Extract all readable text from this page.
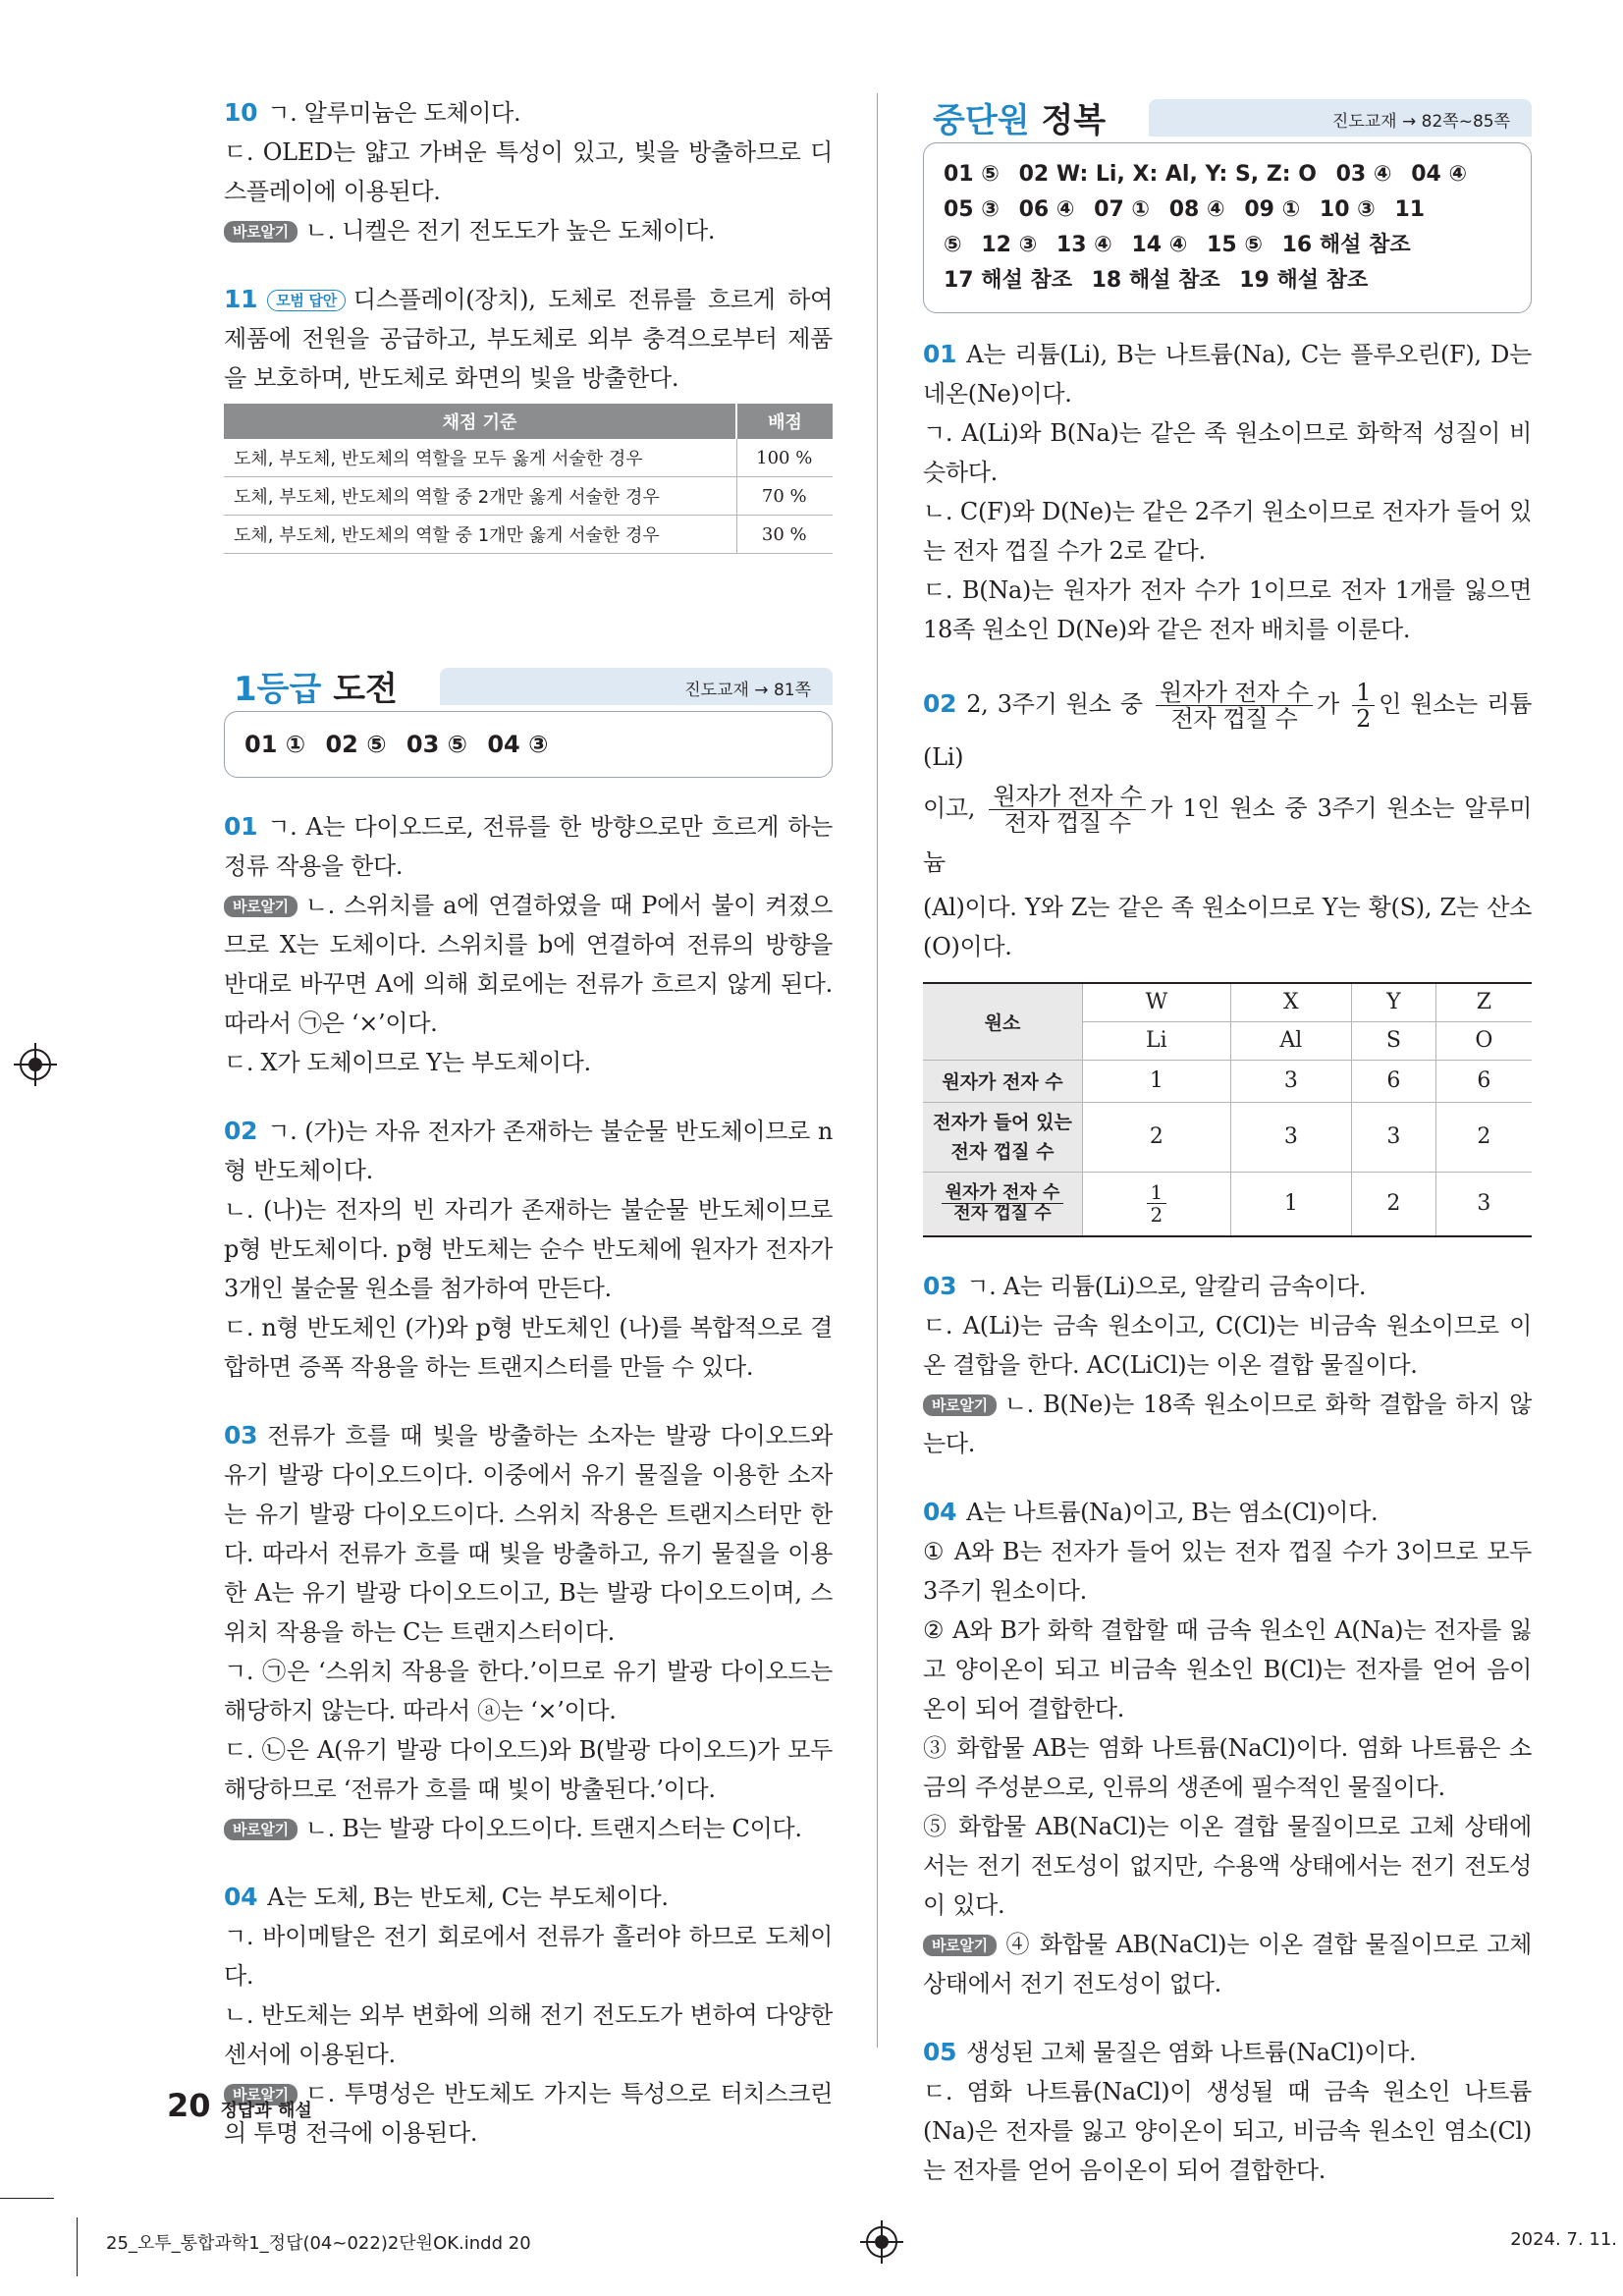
10 ㄱ. 알루미늄은 도체이다.

ㄷ. OLED는 얇고 가벼운 특성이 있고, 빛을 방출하므로 디스플레이에 이용된다.

바로알기 ㄴ. 니켈은 전기 전도도가 높은 도체이다.

11 모범 답안 디스플레이(장치), 도체로 전류를 흐르게 하여 제품에 전원을 공급하고, 부도체로 외부 충격으로부터 제품을 보호하며, 반도체로 화면의 빛을 방출한다.

채점 기준	배점
도체, 부도체, 반도체의 역할을 모두 옳게 서술한 경우	100 %
도체, 부도체, 반도체의 역할 중 2개만 옳게 서술한 경우	70 %
도체, 부도체, 반도체의 역할 중 1개만 옳게 서술한 경우	30 %
1등급 도전	진도교재 → 81쪽
01 ① 02 ⑤ 03 ⑤ 04 ③

01 ㄱ. A는 다이오드로, 전류를 한 방향으로만 흐르게 하는 정류 작용을 한다.

바로알기 ㄴ. 스위치를 a에 연결하였을 때 P에서 불이 켜졌으므로 X는 도체이다. 스위치를 b에 연결하여 전류의 방향을 반대로 바꾸면 A에 의해 회로에는 전류가 흐르지 않게 된다. 따라서 ㉠은 ‘×’이다.

ㄷ. X가 도체이므로 Y는 부도체이다.

02 ㄱ. (가)는 자유 전자가 존재하는 불순물 반도체이므로 n형 반도체이다.

ㄴ. (나)는 전자의 빈 자리가 존재하는 불순물 반도체이므로 p형 반도체이다. p형 반도체는 순수 반도체에 원자가 전자가 3개인 불순물 원소를 첨가하여 만든다.

ㄷ. n형 반도체인 (가)와 p형 반도체인 (나)를 복합적으로 결합하면 증폭 작용을 하는 트랜지스터를 만들 수 있다.

03 전류가 흐를 때 빛을 방출하는 소자는 발광 다이오드와 유기 발광 다이오드이다. 이중에서 유기 물질을 이용한 소자는 유기 발광 다이오드이다. 스위치 작용은 트랜지스터만 한다. 따라서 전류가 흐를 때 빛을 방출하고, 유기 물질을 이용한 A는 유기 발광 다이오드이고, B는 발광 다이오드이며, 스위치 작용을 하는 C는 트랜지스터이다.

ㄱ. ㉠은 ‘스위치 작용을 한다.’이므로 유기 발광 다이오드는 해당하지 않는다. 따라서 ⓐ는 ‘×’이다.

ㄷ. ㉡은 A(유기 발광 다이오드)와 B(발광 다이오드)가 모두 해당하므로 ‘전류가 흐를 때 빛이 방출된다.’이다.

바로알기 ㄴ. B는 발광 다이오드이다. 트랜지스터는 C이다.

04 A는 도체, B는 반도체, C는 부도체이다.

ㄱ. 바이메탈은 전기 회로에서 전류가 흘러야 하므로 도체이다.

ㄴ. 반도체는 외부 변화에 의해 전기 전도도가 변하여 다양한 센서에 이용된다.

바로알기 ㄷ. 투명성은 반도체도 가지는 특성으로 터치스크린의 투명 전극에 이용된다.

중단원 정복	진도교재 → 82쪽~85쪽
01 ⑤ 02 W: Li, X: Al, Y: S, Z: O 03 ④ 04 ④
05 ③ 06 ④ 07 ① 08 ④ 09 ① 10 ③ 11
⑤ 12 ③ 13 ④ 14 ④ 15 ⑤ 16 해설 참조
17 해설 참조 18 해설 참조 19 해설 참조

01 A는 리튬(Li), B는 나트륨(Na), C는 플루오린(F), D는 네온(Ne)이다.

ㄱ. A(Li)와 B(Na)는 같은 족 원소이므로 화학적 성질이 비슷하다.

ㄴ. C(F)와 D(Ne)는 같은 2주기 원소이므로 전자가 들어 있는 전자 껍질 수가 2로 같다.

ㄷ. B(Na)는 원자가 전자 수가 1이므로 전자 1개를 잃으면 18족 원소인 D(Ne)와 같은 전자 배치를 이룬다.

02 2, 3주기 원소 중 $\frac{\text{원자가 전자 수}}{\text{전자 껍질 수}}$ 가 $\frac{1}{2}$ 인 원소는 리튬(Li)

이고, $\frac{\text{원자가 전자 수}}{\text{전자 껍질 수}}$ 가 1인 원소 중 3주기 원소는 알루미늄

(Al)이다. Y와 Z는 같은 족 원소이므로 Y는 황(S), Z는 산소(O)이다.

원소	W	X	Y	Z
	Li	Al	S	O
원자가 전자 수	1	3	6	6
전자가 들어 있는
전자 껍질 수	2	3	3	2

$\frac{\text{원자가 전자 수}}{\text{전자 껍질 수}}$	$\frac{1}{2}$	1	2	3

03 ㄱ. A는 리튬(Li)으로, 알칼리 금속이다.

ㄷ. A(Li)는 금속 원소이고, C(Cl)는 비금속 원소이므로 이온 결합을 한다. AC(LiCl)는 이온 결합 물질이다.

바로알기 ㄴ. B(Ne)는 18족 원소이므로 화학 결합을 하지 않는다.

04 A는 나트륨(Na)이고, B는 염소(Cl)이다.

① A와 B는 전자가 들어 있는 전자 껍질 수가 3이므로 모두 3주기 원소이다.

② A와 B가 화학 결합할 때 금속 원소인 A(Na)는 전자를 잃고 양이온이 되고 비금속 원소인 B(Cl)는 전자를 얻어 음이온이 되어 결합한다.

③ 화합물 AB는 염화 나트륨(NaCl)이다. 염화 나트륨은 소금의 주성분으로, 인류의 생존에 필수적인 물질이다.

⑤ 화합물 AB(NaCl)는 이온 결합 물질이므로 고체 상태에서는 전기 전도성이 없지만, 수용액 상태에서는 전기 전도성이 있다.

바로알기 ④ 화합물 AB(NaCl)는 이온 결합 물질이므로 고체 상태에서 전기 전도성이 없다.

05 생성된 고체 물질은 염화 나트륨(NaCl)이다.

ㄷ. 염화 나트륨(NaCl)이 생성될 때 금속 원소인 나트륨(Na)은 전자를 잃고 양이온이 되고, 비금속 원소인 염소(Cl)는 전자를 얻어 음이온이 되어 결합한다.

20 정답과 해설
25_오투_통합과학1_정답(04~022)2단원OK.indd 20	2024. 7. 11.
